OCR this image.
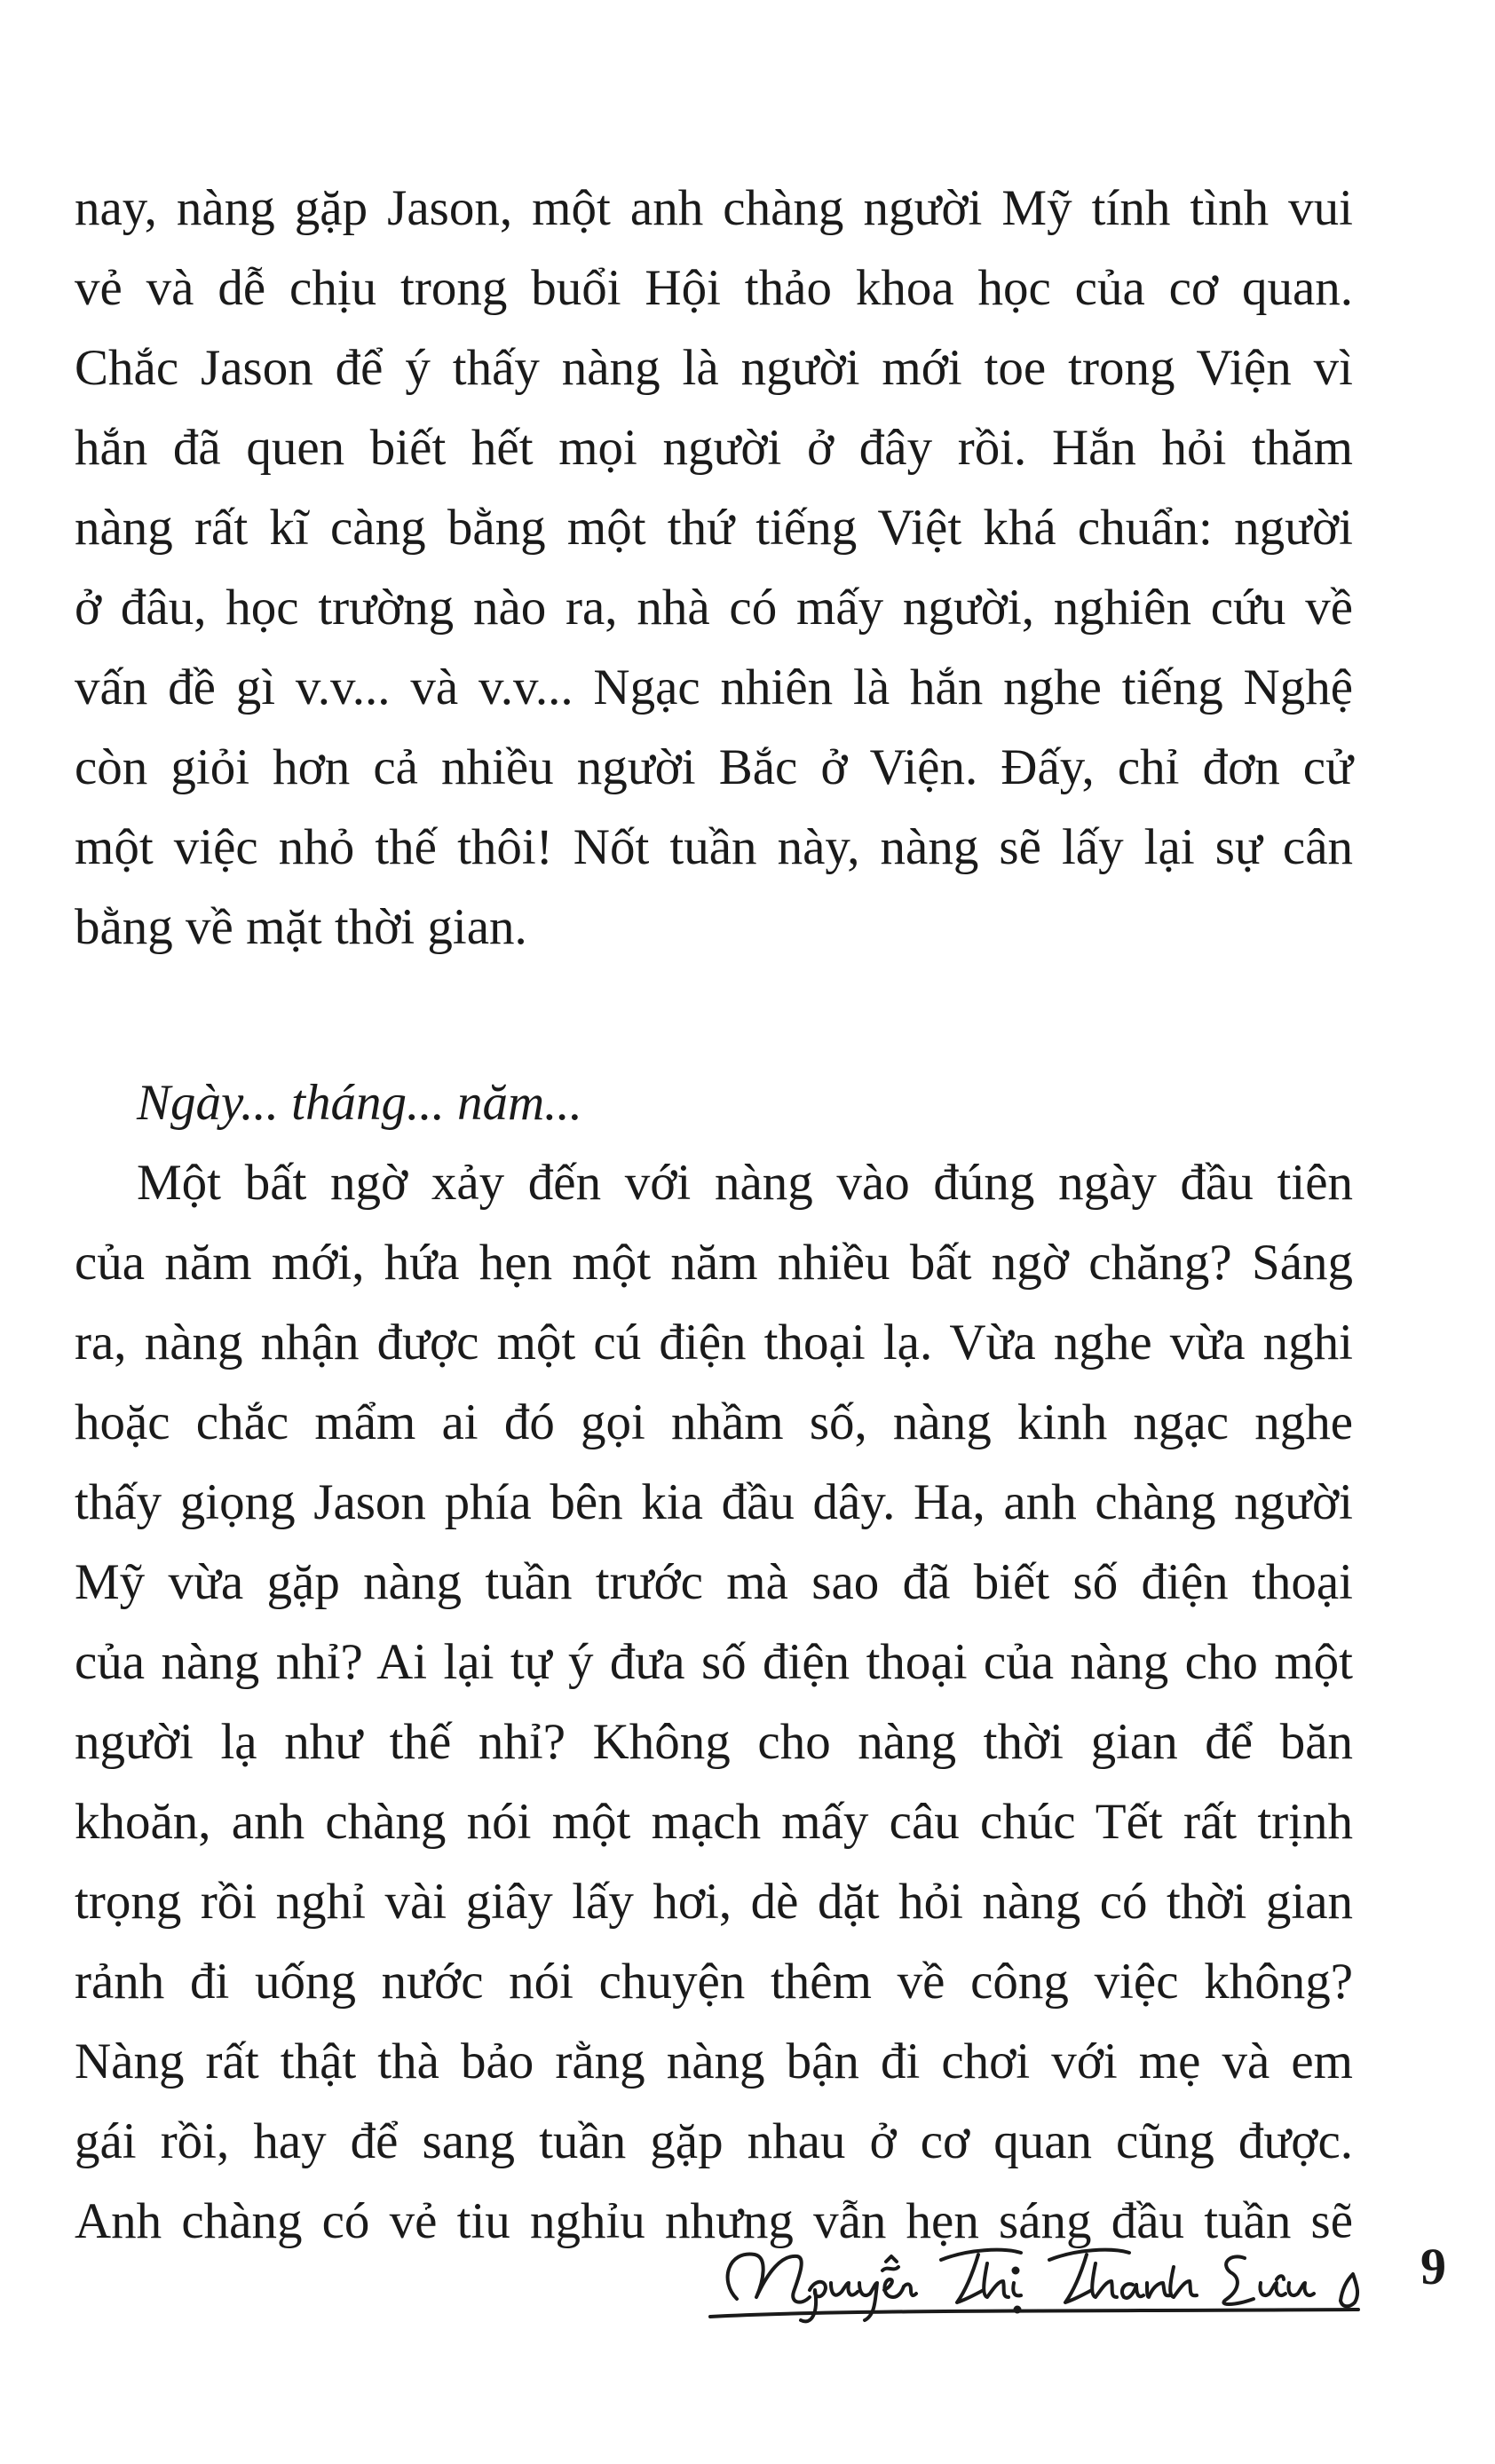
nay, nàng gặp Jason, một anh chàng người Mỹ tính tình vui
vẻ và dễ chịu trong buổi Hội thảo khoa học của cơ quan.
Chắc Jason để ý thấy nàng là người mới toe trong Viện vì
hắn đã quen biết hết mọi người ở đây rồi. Hắn hỏi thăm
nàng rất kĩ càng bằng một thứ tiếng Việt khá chuẩn: người
ở đâu, học trường nào ra, nhà có mấy người, nghiên cứu về
vấn đề gì v.v... và v.v... Ngạc nhiên là hắn nghe tiếng Nghệ
còn giỏi hơn cả nhiều người Bắc ở Viện. Đấy, chỉ đơn cử
một việc nhỏ thế thôi! Nốt tuần này, nàng sẽ lấy lại sự cân
bằng về mặt thời gian.
Ngày... tháng... năm...
Một bất ngờ xảy đến với nàng vào đúng ngày đầu tiên
của năm mới, hứa hẹn một năm nhiều bất ngờ chăng? Sáng
ra, nàng nhận được một cú điện thoại lạ. Vừa nghe vừa nghi
hoặc chắc mẩm ai đó gọi nhầm số, nàng kinh ngạc nghe
thấy giọng Jason phía bên kia đầu dây. Ha, anh chàng người
Mỹ vừa gặp nàng tuần trước mà sao đã biết số điện thoại
của nàng nhỉ? Ai lại tự ý đưa số điện thoại của nàng cho một
người lạ như thế nhỉ? Không cho nàng thời gian để băn
khoăn, anh chàng nói một mạch mấy câu chúc Tết rất trịnh
trọng rồi nghỉ vài giây lấy hơi, dè dặt hỏi nàng có thời gian
rảnh đi uống nước nói chuyện thêm về công việc không?
Nàng rất thật thà bảo rằng nàng bận đi chơi với mẹ và em
gái rồi, hay để sang tuần gặp nhau ở cơ quan cũng được.
Anh chàng có vẻ tiu nghỉu nhưng vẫn hẹn sáng đầu tuần sẽ
9
